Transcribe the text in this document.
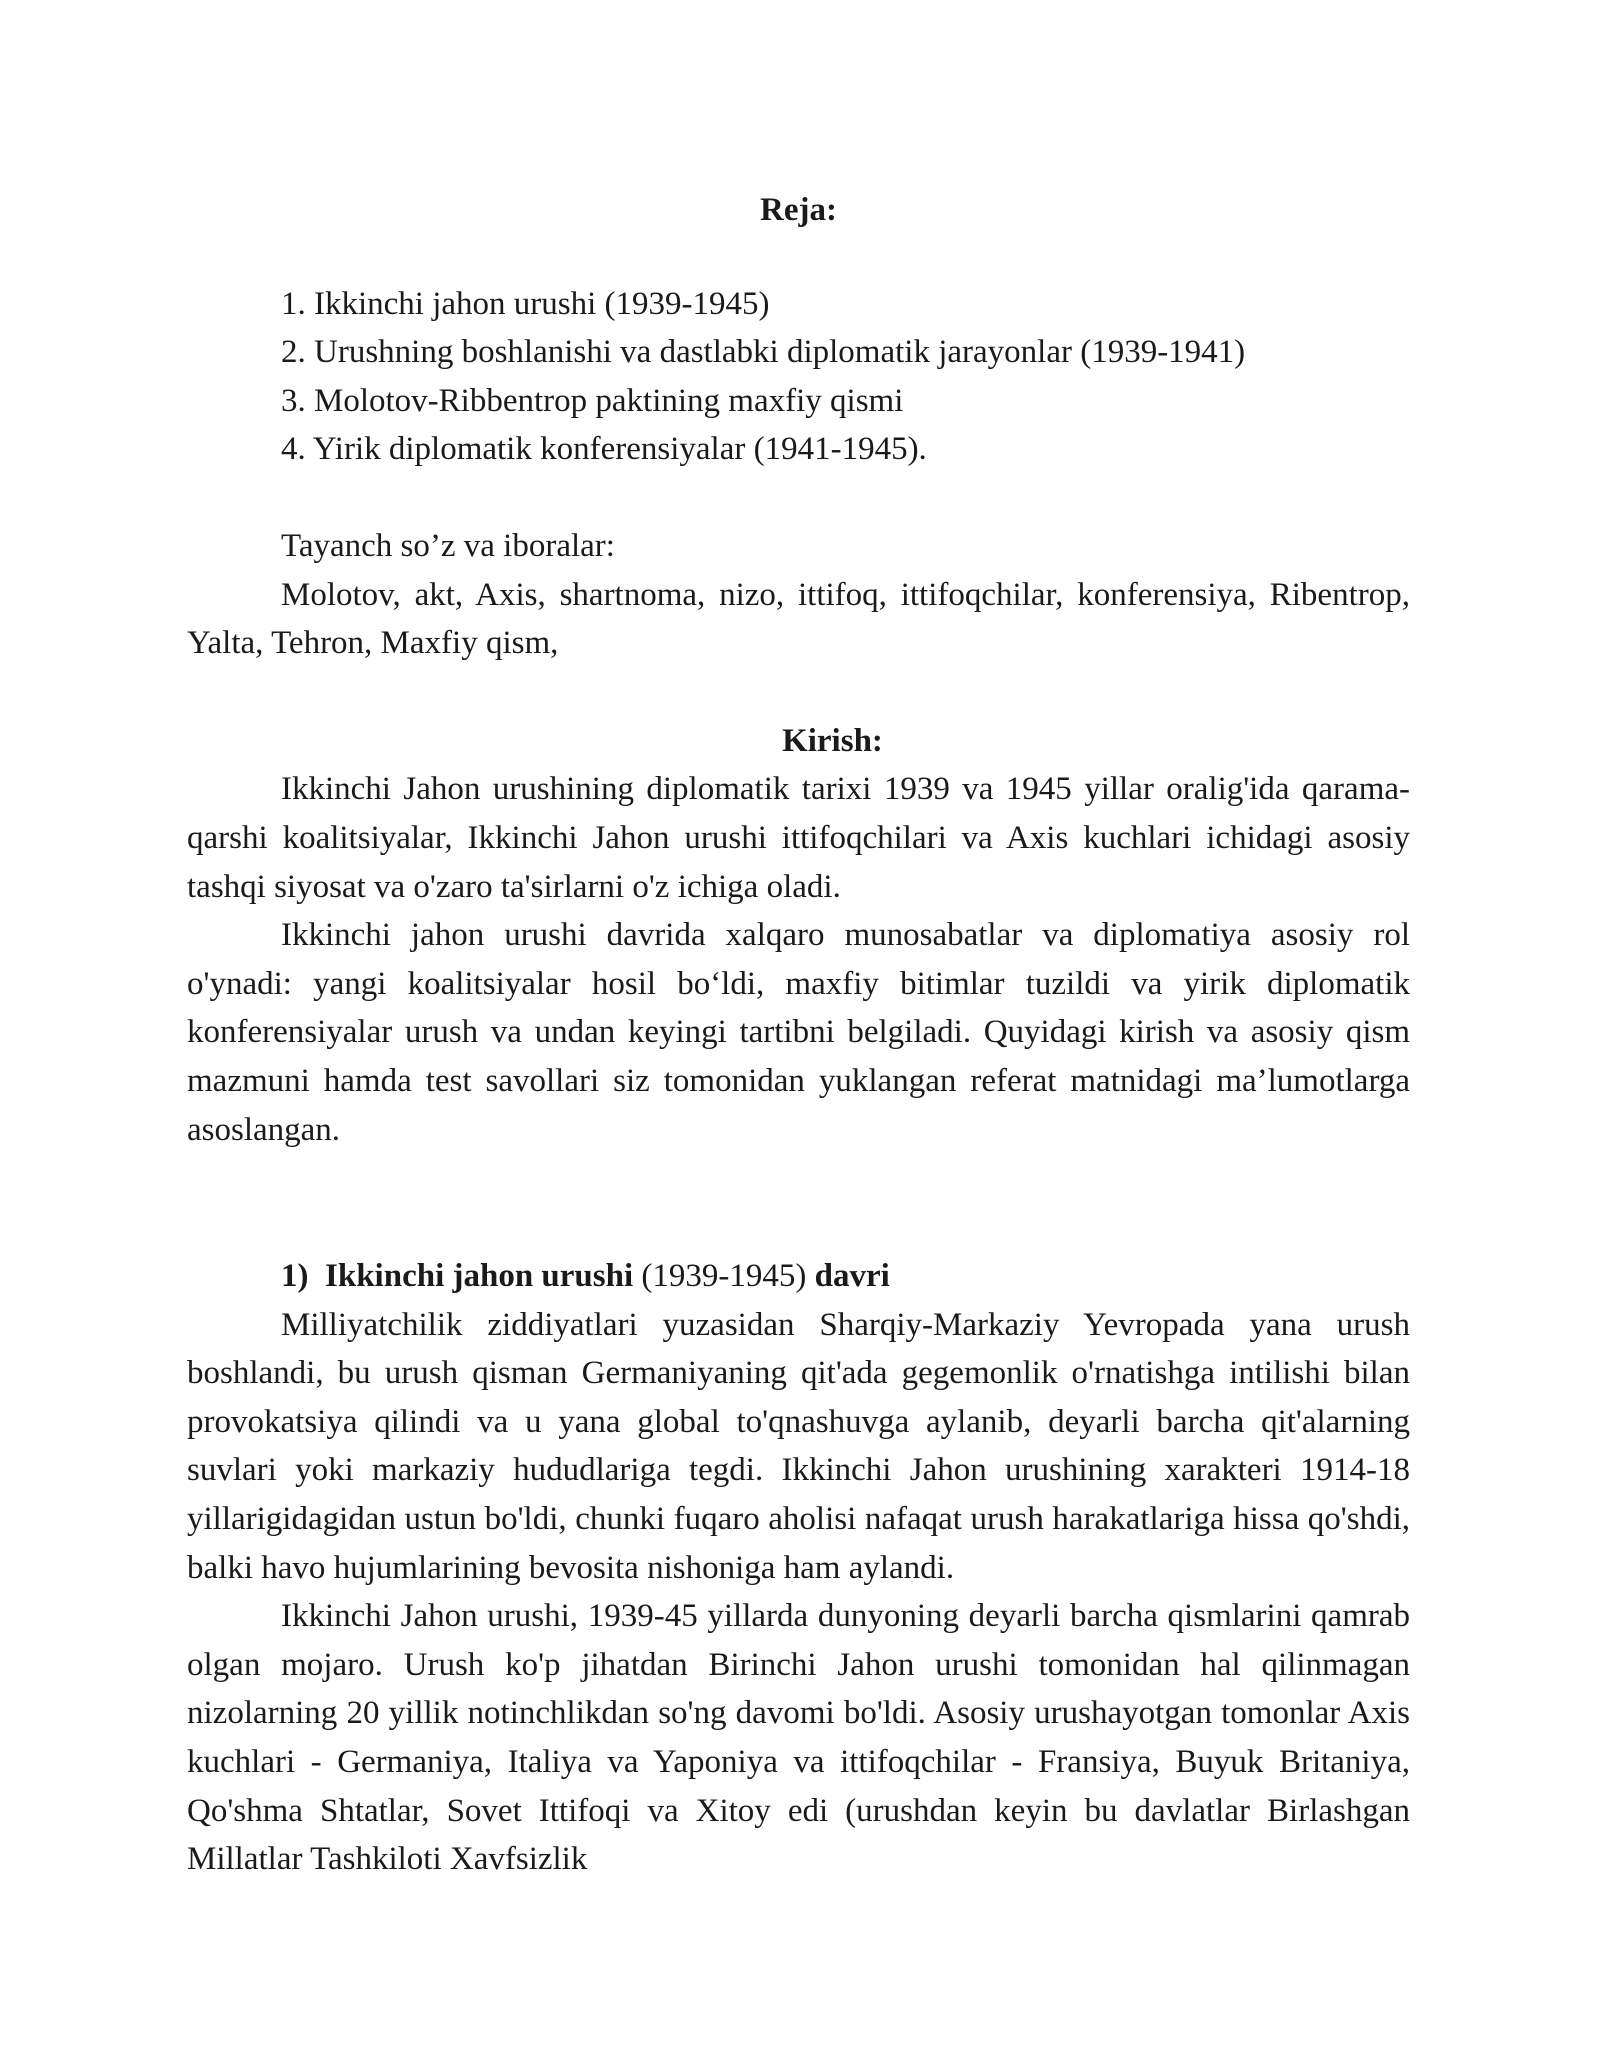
Reja:

1. Ikkinchi jahon urushi (1939-1945)
2. Urushning boshlanishi va dastlabki diplomatik jarayonlar (1939-1941)
3. Molotov-Ribbentrop paktining maxfiy qismi
4. Yirik diplomatik konferensiyalar (1941-1945).

Tayanch so’z va iboralar:

Molotov, akt, Axis, shartnoma, nizo, ittifoq, ittifoqchilar, konferensiya, Ribentrop, Yalta, Tehron, Maxfiy qism,

Kirish:

Ikkinchi Jahon urushining diplomatik tarixi 1939 va 1945 yillar oralig'ida qarama-qarshi koalitsiyalar, Ikkinchi Jahon urushi ittifoqchilari va Axis kuchlari ichidagi asosiy tashqi siyosat va o'zaro ta'sirlarni o'z ichiga oladi.

Ikkinchi jahon urushi davrida xalqaro munosabatlar va diplomatiya asosiy rol o'ynadi: yangi koalitsiyalar hosil bo‘ldi, maxfiy bitimlar tuzildi va yirik diplomatik konferensiyalar urush va undan keyingi tartibni belgiladi. Quyidagi kirish va asosiy qism mazmuni hamda test savollari siz tomonidan yuklangan referat matnidagi ma’lumotlarga asoslangan.

1) Ikkinchi jahon urushi (1939-1945) davri

Milliyatchilik ziddiyatlari yuzasidan Sharqiy-Markaziy Yevropada yana urush boshlandi, bu urush qisman Germaniyaning qit'ada gegemonlik o'rnatishga intilishi bilan provokatsiya qilindi va u yana global to'qnashuvga aylanib, deyarli barcha qit'alarning suvlari yoki markaziy hududlariga tegdi. Ikkinchi Jahon urushining xarakteri 1914-18 yillarigidagidan ustun bo'ldi, chunki fuqaro aholisi nafaqat urush harakatlariga hissa qo'shdi, balki havo hujumlarining bevosita nishoniga ham aylandi.

Ikkinchi Jahon urushi, 1939-45 yillarda dunyoning deyarli barcha qismlarini qamrab olgan mojaro. Urush ko'p jihatdan Birinchi Jahon urushi tomonidan hal qilinmagan nizolarning 20 yillik notinchlikdan so'ng davomi bo'ldi. Asosiy urushayotgan tomonlar Axis kuchlari - Germaniya, Italiya va Yaponiya va ittifoqchilar - Fransiya, Buyuk Britaniya, Qo'shma Shtatlar, Sovet Ittifoqi va Xitoy edi (urushdan keyin bu davlatlar Birlashgan Millatlar Tashkiloti Xavfsizlik
